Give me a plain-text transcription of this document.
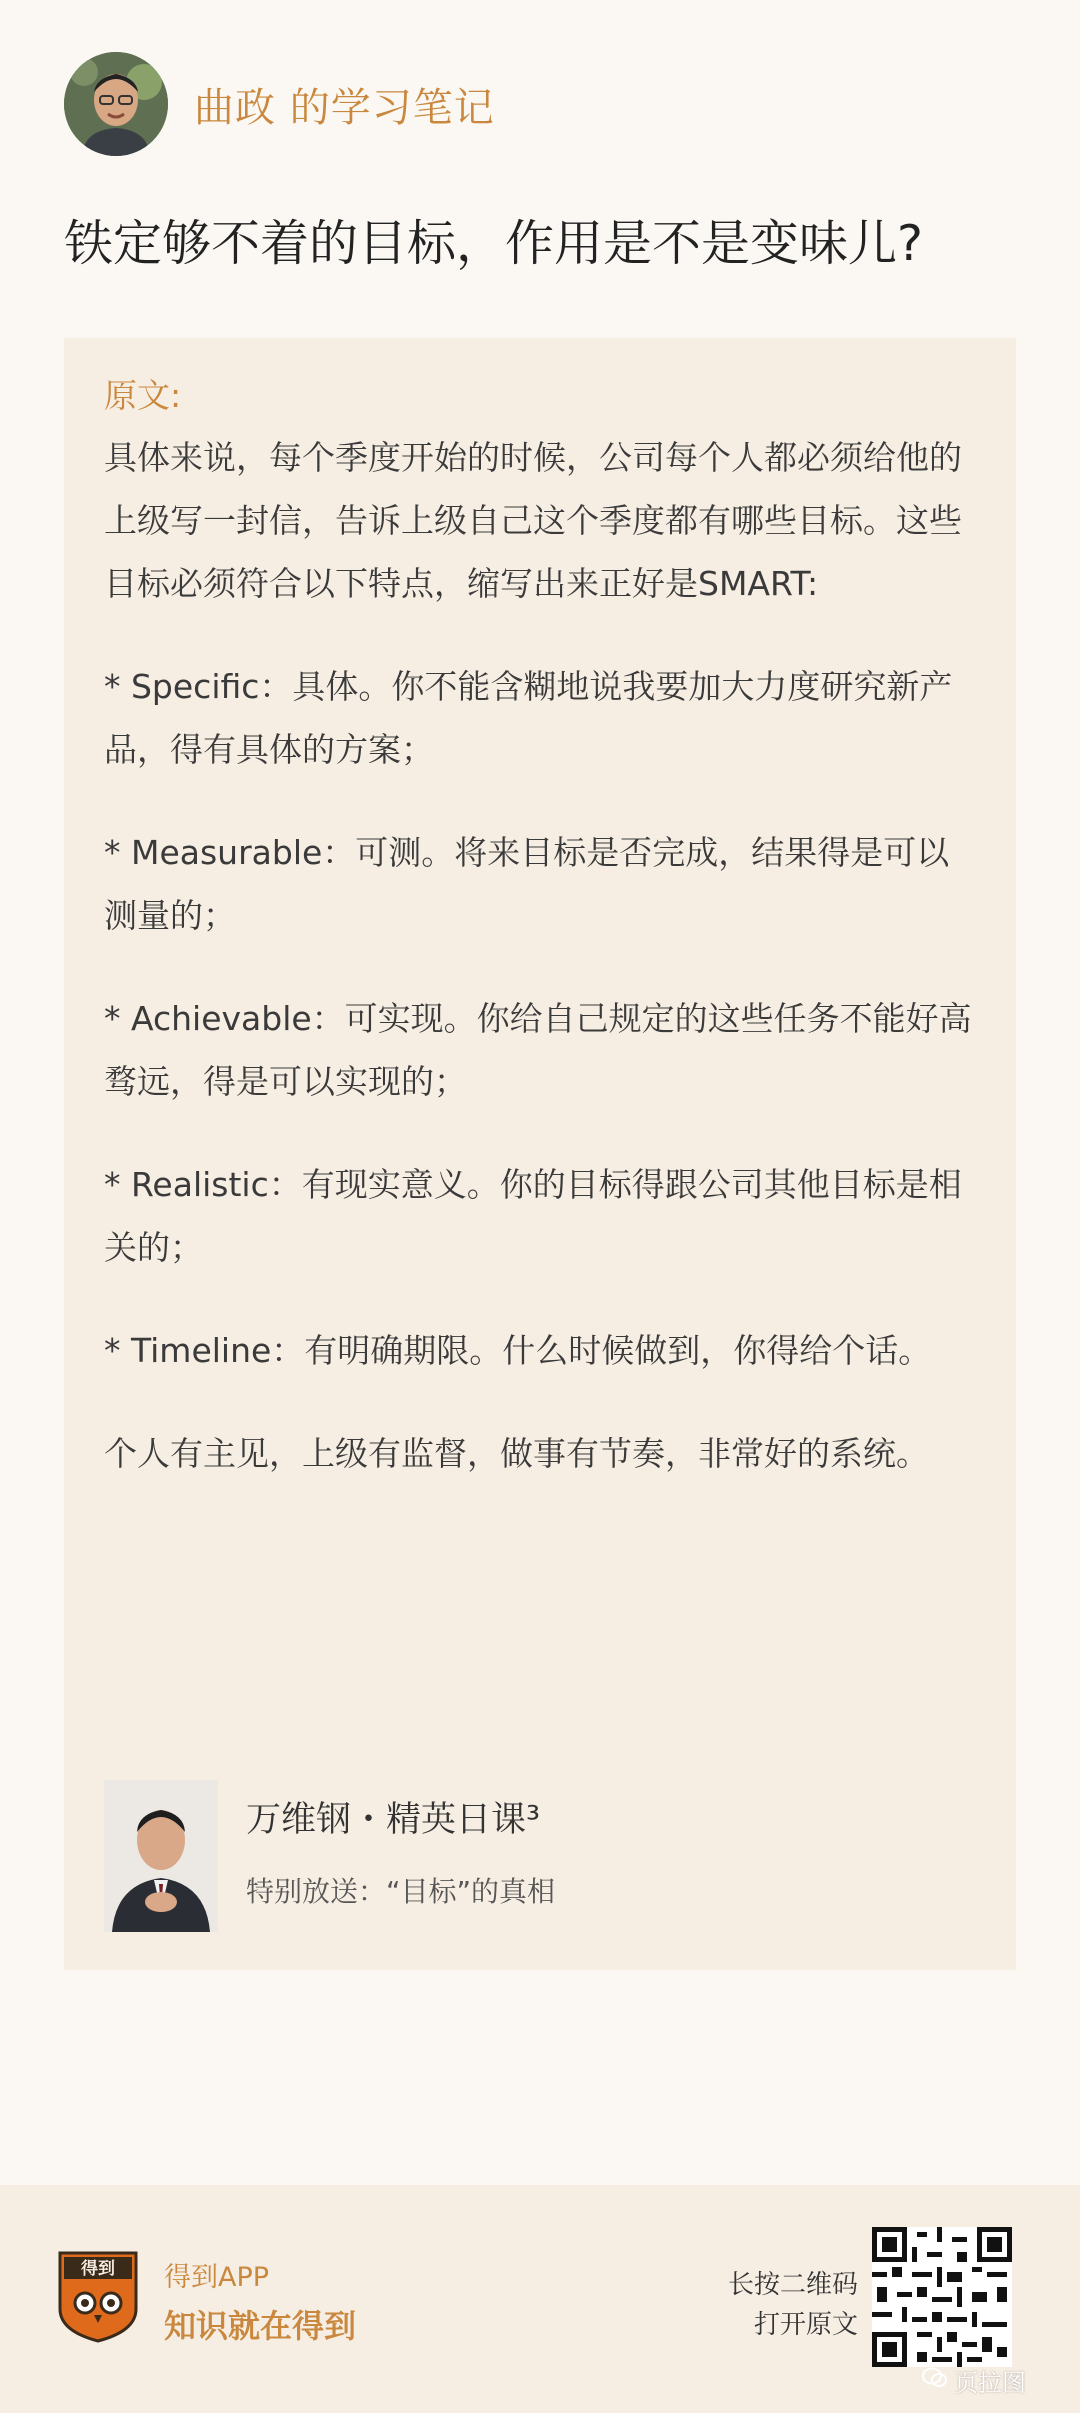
曲政 的学习笔记
铁定够不着的目标，作用是不是变味儿?
原文:

具体来说，每个季度开始的时候，公司每个人都必须给他的上级写一封信，告诉上级自己这个季度都有哪些目标。这些目标必须符合以下特点，缩写出来正好是SMART:

* Specific：具体。你不能含糊地说我要加大力度研究新产品，得有具体的方案；

* Measurable：可测。将来目标是否完成，结果得是可以测量的；

* Achievable：可实现。你给自己规定的这些任务不能好高骛远，得是可以实现的；

* Realistic：有现实意义。你的目标得跟公司其他目标是相关的；

* Timeline：有明确期限。什么时候做到，你得给个话。

个人有主见，上级有监督，做事有节奏，非常好的系统。

万维钢・精英日课³
特别放送：“目标”的真相
得到 得到APP
知识就在得到
长按二维码
打开原文
页拉图
